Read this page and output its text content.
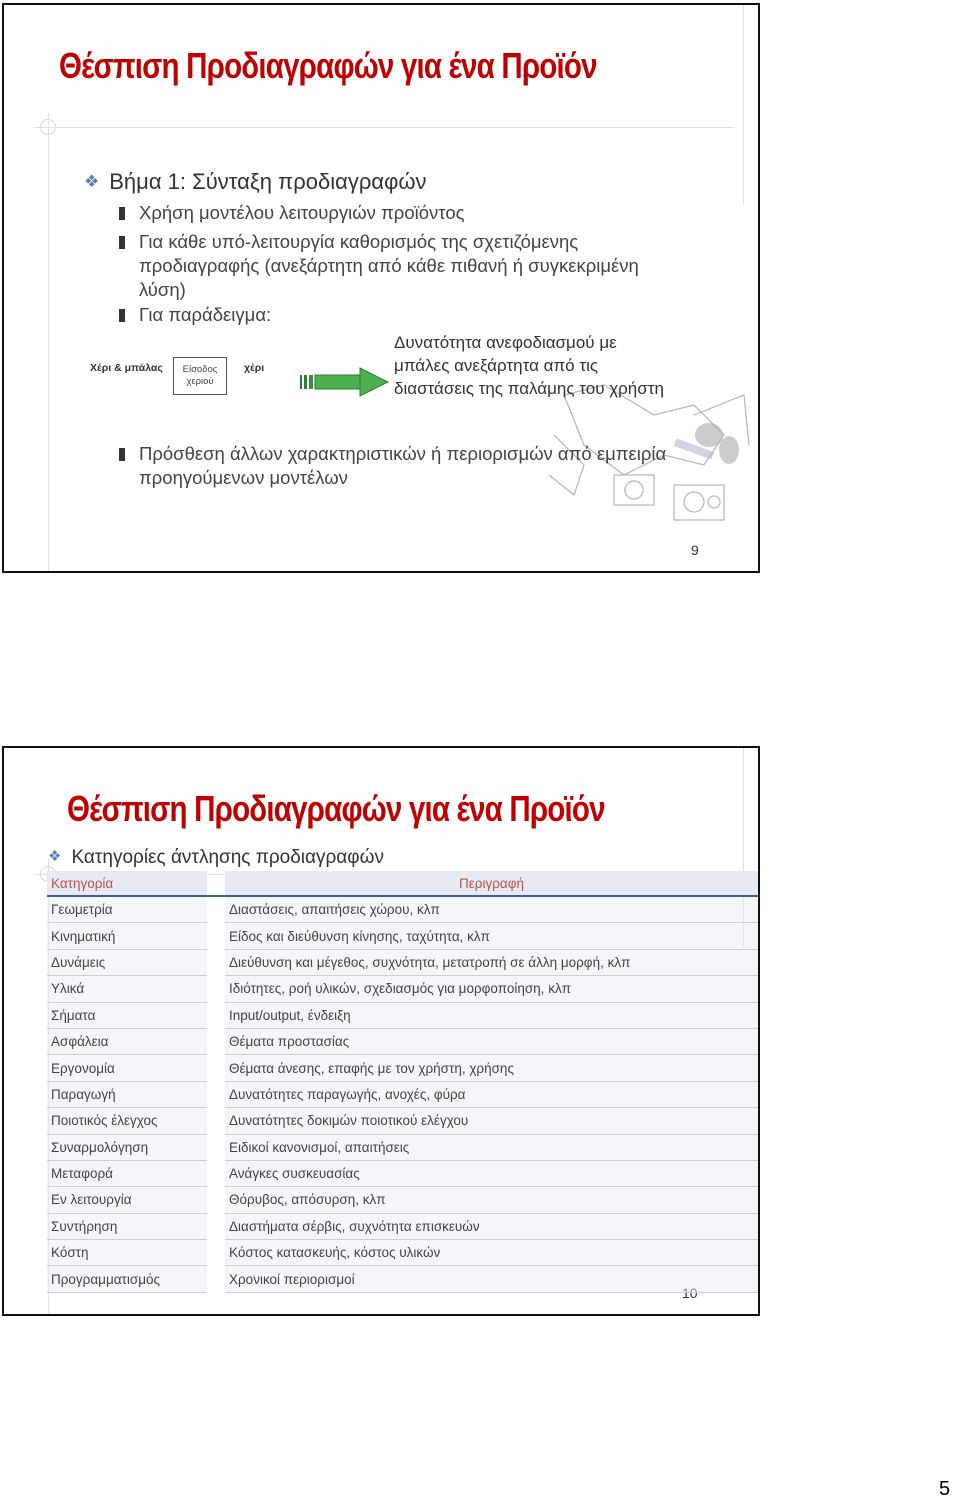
Θέσπιση Προδιαγραφών για ένα Προϊόν
❖ Βήμα 1: Σύνταξη προδιαγραφών
Χρήση μοντέλου λειτουργιών προϊόντος
Για κάθε υπό-λειτουργία καθορισμός της σχετιζόμενης προδιαγραφής (ανεξάρτητη από κάθε πιθανή ή συγκεκριμένη λύση)
Για παράδειγμα:
Χέρι & μπάλας	Είσοδος
χεριού
χέρι
Δυνατότητα ανεφοδιασμού με μπάλες ανεξάρτητα από τις διαστάσεις της παλάμης του χρήστη
Πρόσθεση άλλων χαρακτηριστικών ή περιορισμών από εμπειρία προηγούμενων μοντέλων
9
Θέσπιση Προδιαγραφών για ένα Προϊόν
❖ Κατηγορίες άντλησης προδιαγραφών
10
Κατηγορία		Περιγραφή
Γεωμετρία		Διαστάσεις, απαιτήσεις χώρου, κλπ
Κινηματική		Είδος και διεύθυνση κίνησης, ταχύτητα, κλπ
Δυνάμεις		Διεύθυνση και μέγεθος, συχνότητα, μετατροπή σε άλλη μορφή, κλπ
Υλικά		Ιδιότητες, ροή υλικών, σχεδιασμός για μορφοποίηση, κλπ
Σήματα		Input/output, ένδειξη
Ασφάλεια		Θέματα προστασίας
Εργονομία		Θέματα άνεσης, επαφής με τον χρήστη, χρήσης
Παραγωγή		Δυνατότητες παραγωγής, ανοχές, φύρα
Ποιοτικός έλεγχος		Δυνατότητες δοκιμών ποιοτικού ελέγχου
Συναρμολόγηση		Ειδικοί κανονισμοί, απαιτήσεις
Μεταφορά		Ανάγκες συσκευασίας
Εν λειτουργία		Θόρυβος, απόσυρση, κλπ
Συντήρηση		Διαστήματα σέρβις, συχνότητα επισκευών
Κόστη		Κόστος κατασκευής, κόστος υλικών
Προγραμματισμός		Χρονικοί περιορισμοί
5
